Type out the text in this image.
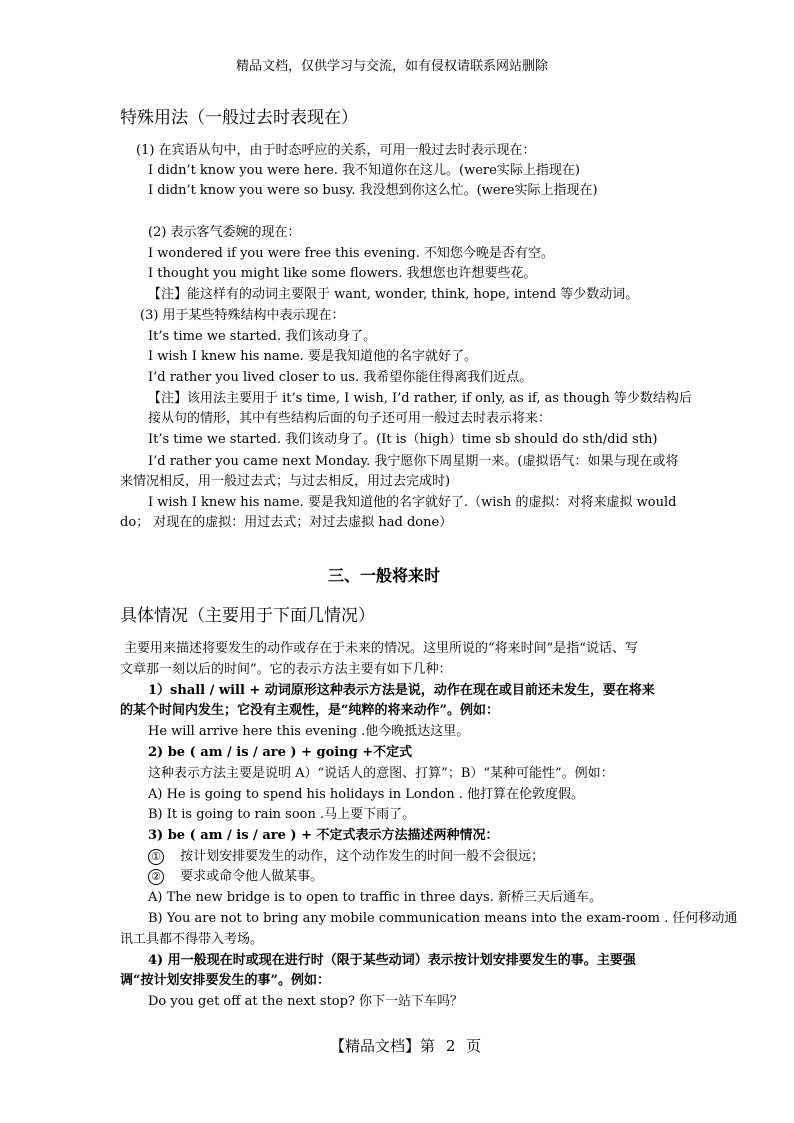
精品文档，仅供学习与交流，如有侵权请联系网站删除
特殊用法（一般过去时表现在）
(1) 在宾语从句中，由于时态呼应的关系，可用一般过去时表示现在：
I didn’t know you were here. 我不知道你在这儿。(were实际上指现在)
I didn’t know you were so busy. 我没想到你这么忙。(were实际上指现在)
(2) 表示客气委婉的现在：
I wondered if you were free this evening. 不知您今晚是否有空。
I thought you might like some flowers. 我想您也许想要些花。
【注】能这样有的动词主要限于 want, wonder, think, hope, intend 等少数动词。
(3) 用于某些特殊结构中表示现在：
It’s time we started. 我们该动身了。
I wish I knew his name. 要是我知道他的名字就好了。
I’d rather you lived closer to us. 我希望你能住得离我们近点。
【注】该用法主要用于 it’s time, I wish, I’d rather, if only, as if, as though 等少数结构后
接从句的情形，其中有些结构后面的句子还可用一般过去时表示将来：
It’s time we started. 我们该动身了。(It is（high）time sb should do sth/did sth)
I’d rather you came next Monday. 我宁愿你下周星期一来。(虚拟语气：如果与现在或将
来情况相反，用一般过去式；与过去相反，用过去完成时)
I wish I knew his name. 要是我知道他的名字就好了.（wish 的虚拟：对将来虚拟 would
do； 对现在的虚拟：用过去式；对过去虚拟 had done）
三、一般将来时
具体情况（主要用于下面几情况）
主要用来描述将要发生的动作或存在于未来的情况。这里所说的“将来时间”是指“说话、写
文章那一刻以后的时间”。它的表示方法主要有如下几种：
1）shall / will + 动词原形这种表示方法是说，动作在现在或目前还未发生，要在将来
的某个时间内发生；它没有主观性，是“纯粹的将来动作”。例如：
He will arrive here this evening .他今晚抵达这里。
2) be ( am / is / are ) + going +不定式
这种表示方法主要是说明 A）“说话人的意图、打算”；B）“某种可能性”。例如：
A) He is going to spend his holidays in London . 他打算在伦敦度假。
B) It is going to rain soon .马上要下雨了。
3) be ( am / is / are ) + 不定式表示方法描述两种情况：
① 按计划安排要发生的动作，这个动作发生的时间一般不会很远；
② 要求或命令他人做某事。
A) The new bridge is to open to traffic in three days. 新桥三天后通车。
B) You are not to bring any mobile communication means into the exam-room . 任何移动通
讯工具都不得带入考场。
4) 用一般现在时或现在进行时（限于某些动词）表示按计划安排要发生的事。主要强
调“按计划安排要发生的事”。例如：
Do you get off at the next stop? 你下一站下车吗？
【精品文档】第 2 页
